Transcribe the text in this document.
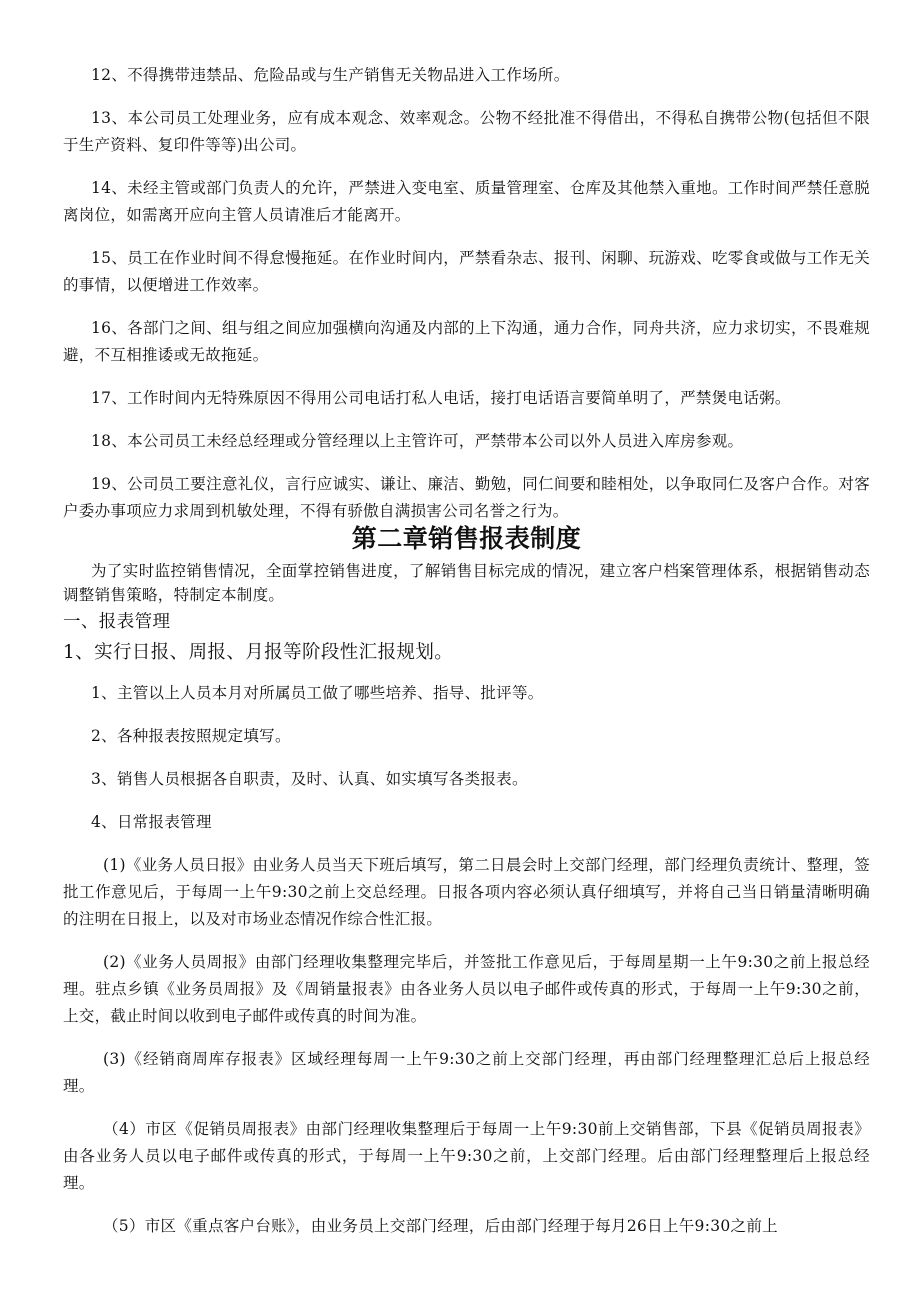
12、不得携带违禁品、危险品或与生产销售无关物品进入工作场所。

13、本公司员工处理业务，应有成本观念、效率观念。公物不经批准不得借出，不得私自携带公物(包括但不限于生产资料、复印件等等)出公司。

14、未经主管或部门负责人的允许，严禁进入变电室、质量管理室、仓库及其他禁入重地。工作时间严禁任意脱离岗位，如需离开应向主管人员请准后才能离开。

15、员工在作业时间不得怠慢拖延。在作业时间内，严禁看杂志、报刊、闲聊、玩游戏、吃零食或做与工作无关的事情，以便增进工作效率。

16、各部门之间、组与组之间应加强横向沟通及内部的上下沟通，通力合作，同舟共济，应力求切实，不畏难规避，不互相推诿或无故拖延。

17、工作时间内无特殊原因不得用公司电话打私人电话，接打电话语言要简单明了，严禁煲电话粥。

18、本公司员工未经总经理或分管经理以上主管许可，严禁带本公司以外人员进入库房参观。

19、公司员工要注意礼仪，言行应诚实、谦让、廉洁、勤勉，同仁间要和睦相处，以争取同仁及客户合作。对客户委办事项应力求周到机敏处理，不得有骄傲自满损害公司名誉之行为。

第二章销售报表制度

为了实时监控销售情况，全面掌控销售进度，了解销售目标完成的情况，建立客户档案管理体系，根据销售动态调整销售策略，特制定本制度。

一、报表管理
1、实行日报、周报、月报等阶段性汇报规划。

1、主管以上人员本月对所属员工做了哪些培养、指导、批评等。

2、各种报表按照规定填写。

3、销售人员根据各自职责，及时、认真、如实填写各类报表。

4、日常报表管理

(1)《业务人员日报》由业务人员当天下班后填写，第二日晨会时上交部门经理，部门经理负责统计、整理，签批工作意见后，于每周一上午9:30之前上交总经理。日报各项内容必须认真仔细填写，并将自己当日销量清晰明确的注明在日报上，以及对市场业态情况作综合性汇报。

(2)《业务人员周报》由部门经理收集整理完毕后，并签批工作意见后，于每周星期一上午9:30之前上报总经理。驻点乡镇《业务员周报》及《周销量报表》由各业务人员以电子邮件或传真的形式，于每周一上午9:30之前，上交，截止时间以收到电子邮件或传真的时间为准。

(3)《经销商周库存报表》区域经理每周一上午9:30之前上交部门经理，再由部门经理整理汇总后上报总经理。

（4）市区《促销员周报表》由部门经理收集整理后于每周一上午9:30前上交销售部，下县《促销员周报表》由各业务人员以电子邮件或传真的形式，于每周一上午9:30之前，上交部门经理。后由部门经理整理后上报总经理。

（5）市区《重点客户台账》，由业务员上交部门经理，后由部门经理于每月26日上午9:30之前上
